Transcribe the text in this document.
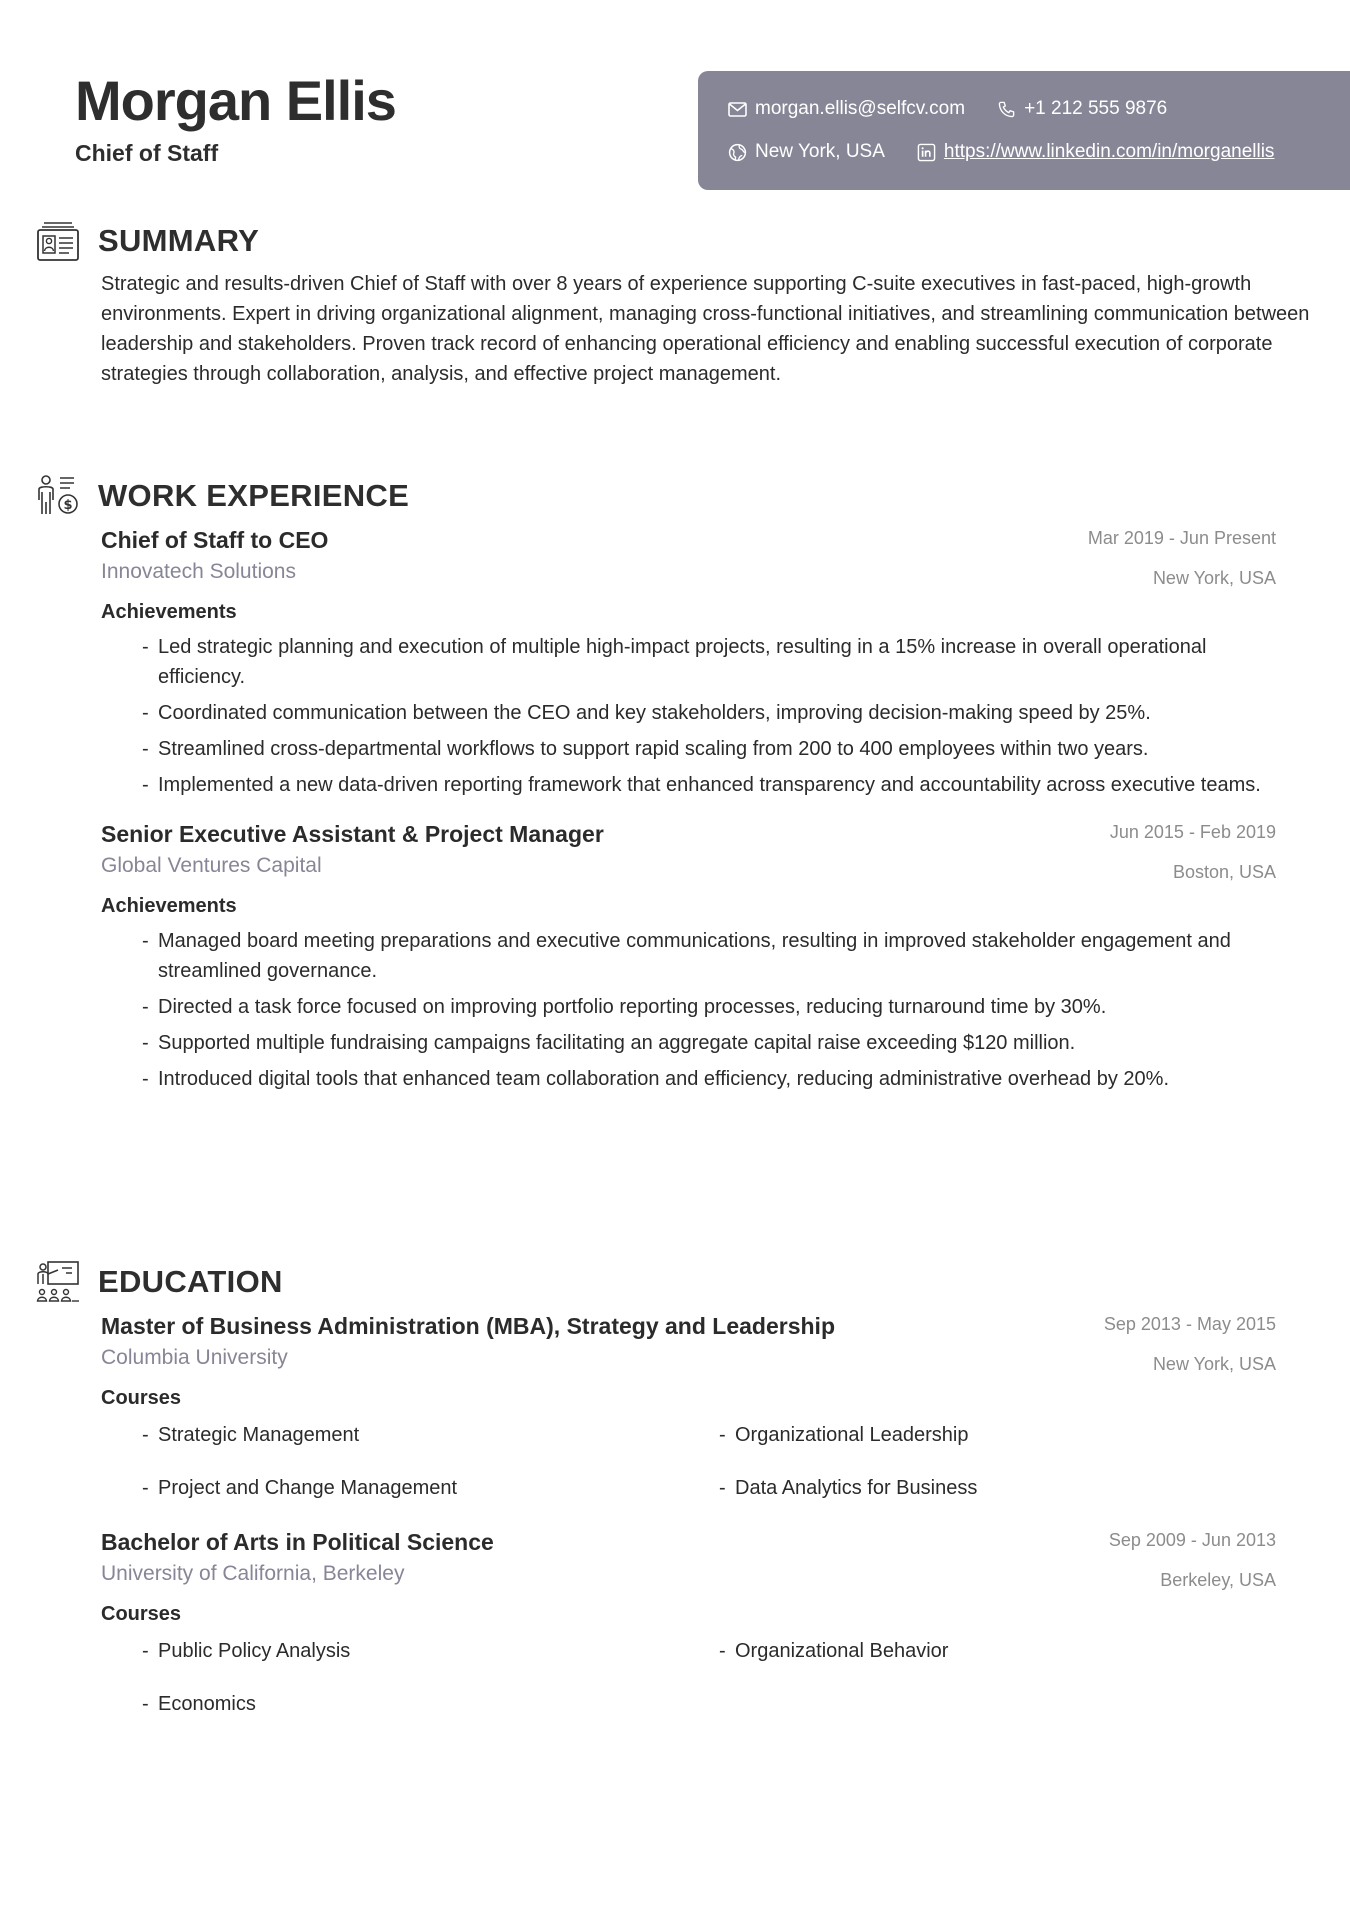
Morgan Ellis
Chief of Staff
morgan.ellis@selfcv.com	+1 212 555 9876
New York, USA	https://www.linkedin.com/in/morganellis
SUMMARY

Strategic and results-driven Chief of Staff with over 8 years of experience supporting C-suite executives in fast-paced, high-growth environments. Expert in driving organizational alignment, managing cross-functional initiatives, and streamlining communication between leadership and stakeholders. Proven track record of enhancing operational efficiency and enabling successful execution of corporate strategies through collaboration, analysis, and effective project management.

$ WORK EXPERIENCE
Chief of Staff to CEO
Innovatech Solutions
Mar 2019 - Jun Present
New York, USA
Achievements
- Led strategic planning and execution of multiple high-impact projects, resulting in a 15% increase in overall operational efficiency.
- Coordinated communication between the CEO and key stakeholders, improving decision-making speed by 25%.
- Streamlined cross-departmental workflows to support rapid scaling from 200 to 400 employees within two years.
- Implemented a new data-driven reporting framework that enhanced transparency and accountability across executive teams.
Senior Executive Assistant & Project Manager
Global Ventures Capital
Jun 2015 - Feb 2019
Boston, USA
Achievements
- Managed board meeting preparations and executive communications, resulting in improved stakeholder engagement and streamlined governance.
- Directed a task force focused on improving portfolio reporting processes, reducing turnaround time by 30%.
- Supported multiple fundraising campaigns facilitating an aggregate capital raise exceeding $120 million.
- Introduced digital tools that enhanced team collaboration and efficiency, reducing administrative overhead by 20%.
EDUCATION
Master of Business Administration (MBA), Strategy and Leadership
Columbia University
Sep 2013 - May 2015
New York, USA
Courses
- Strategic Management	- Organizational Leadership
- Project and Change Management	- Data Analytics for Business
Bachelor of Arts in Political Science
University of California, Berkeley
Sep 2009 - Jun 2013
Berkeley, USA
Courses
- Public Policy Analysis	- Organizational Behavior
- Economics
